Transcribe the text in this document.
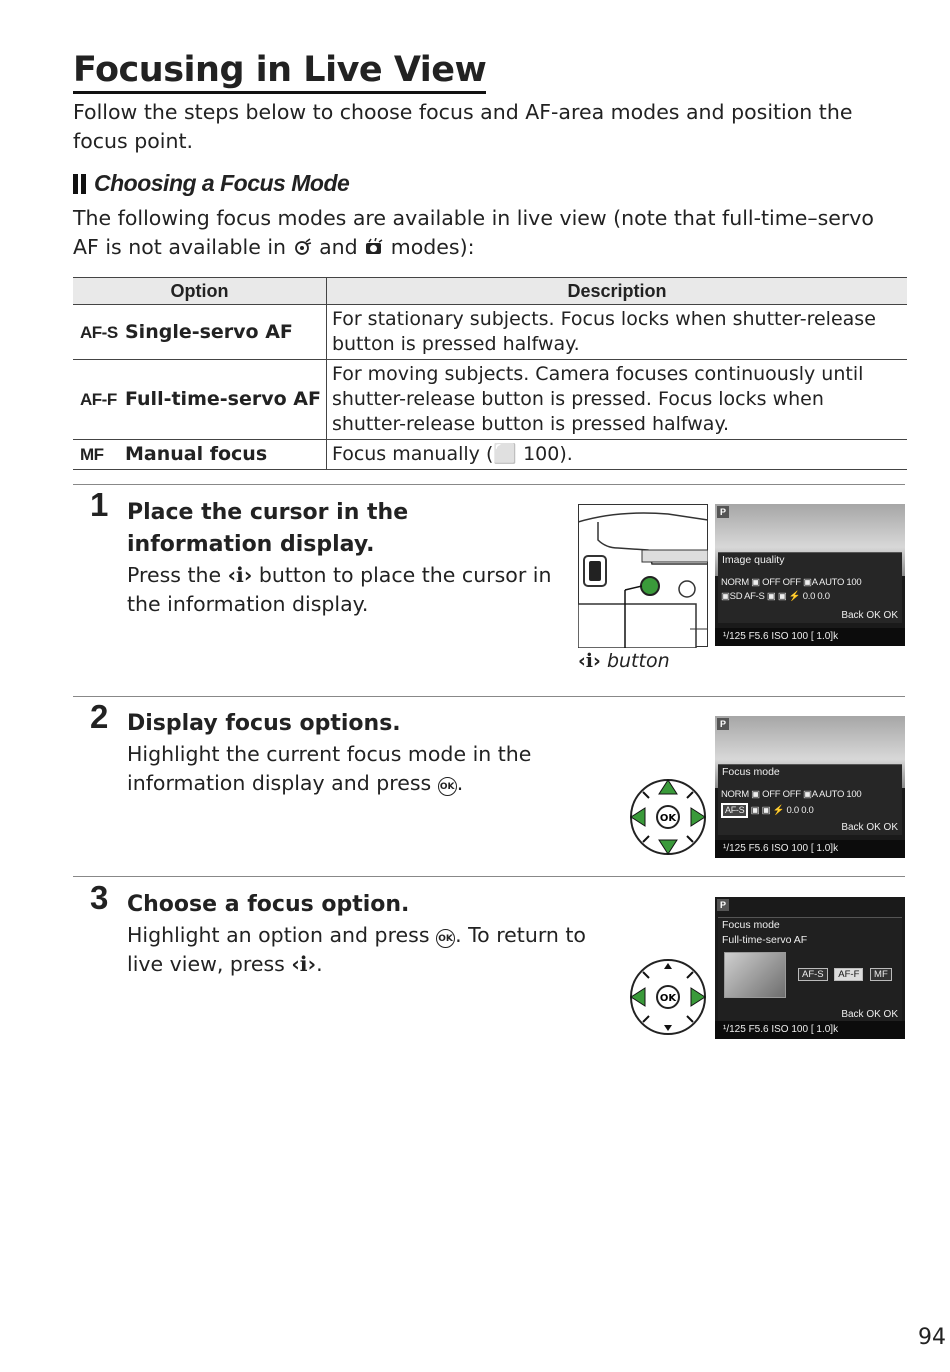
Focusing in Live View

Follow the steps below to choose focus and AF-area modes and position the focus point.

Choosing a Focus Mode

The following focus modes are available in live view (note that full-time–servo AF is not available in and modes):

Option	Description
AF-S Single-servo AF	For stationary subjects. Focus locks when shutter-release button is pressed halfway.
AF-F Full-time-servo AF	For moving subjects. Camera focuses continuously until shutter-release button is pressed. Focus locks when shutter-release button is pressed halfway.
MF Manual focus	Focus manually (⬜ 100).
1 Place the cursor in the information display.

Press the ‹ℹ› button to place the cursor in the information display.

‹ℹ› button
P
Image quality
NORM ▣ OFF OFF ▣A AUTO 100
▣SD AF-S ▣ ▣ ⚡ 0.0 0.0
Back OK OK
¹/125 F5.6 ISO 100 [ 1.0]k
2 Display focus options.

Highlight the current focus mode in the information display and press OK .

OK
P
Focus mode
NORM ▣ OFF OFF ▣A AUTO 100
AF-S ▣ ▣ ⚡ 0.0 0.0
Back OK OK
¹/125 F5.6 ISO 100 [ 1.0]k
3 Choose a focus option.

Highlight an option and press OK . To return to live view, press ‹ℹ›.

OK
P
Focus mode
Full-time-servo AF
AF-S AF-F MF
Back OK OK
¹/125 F5.6 ISO 100 [ 1.0]k
94
